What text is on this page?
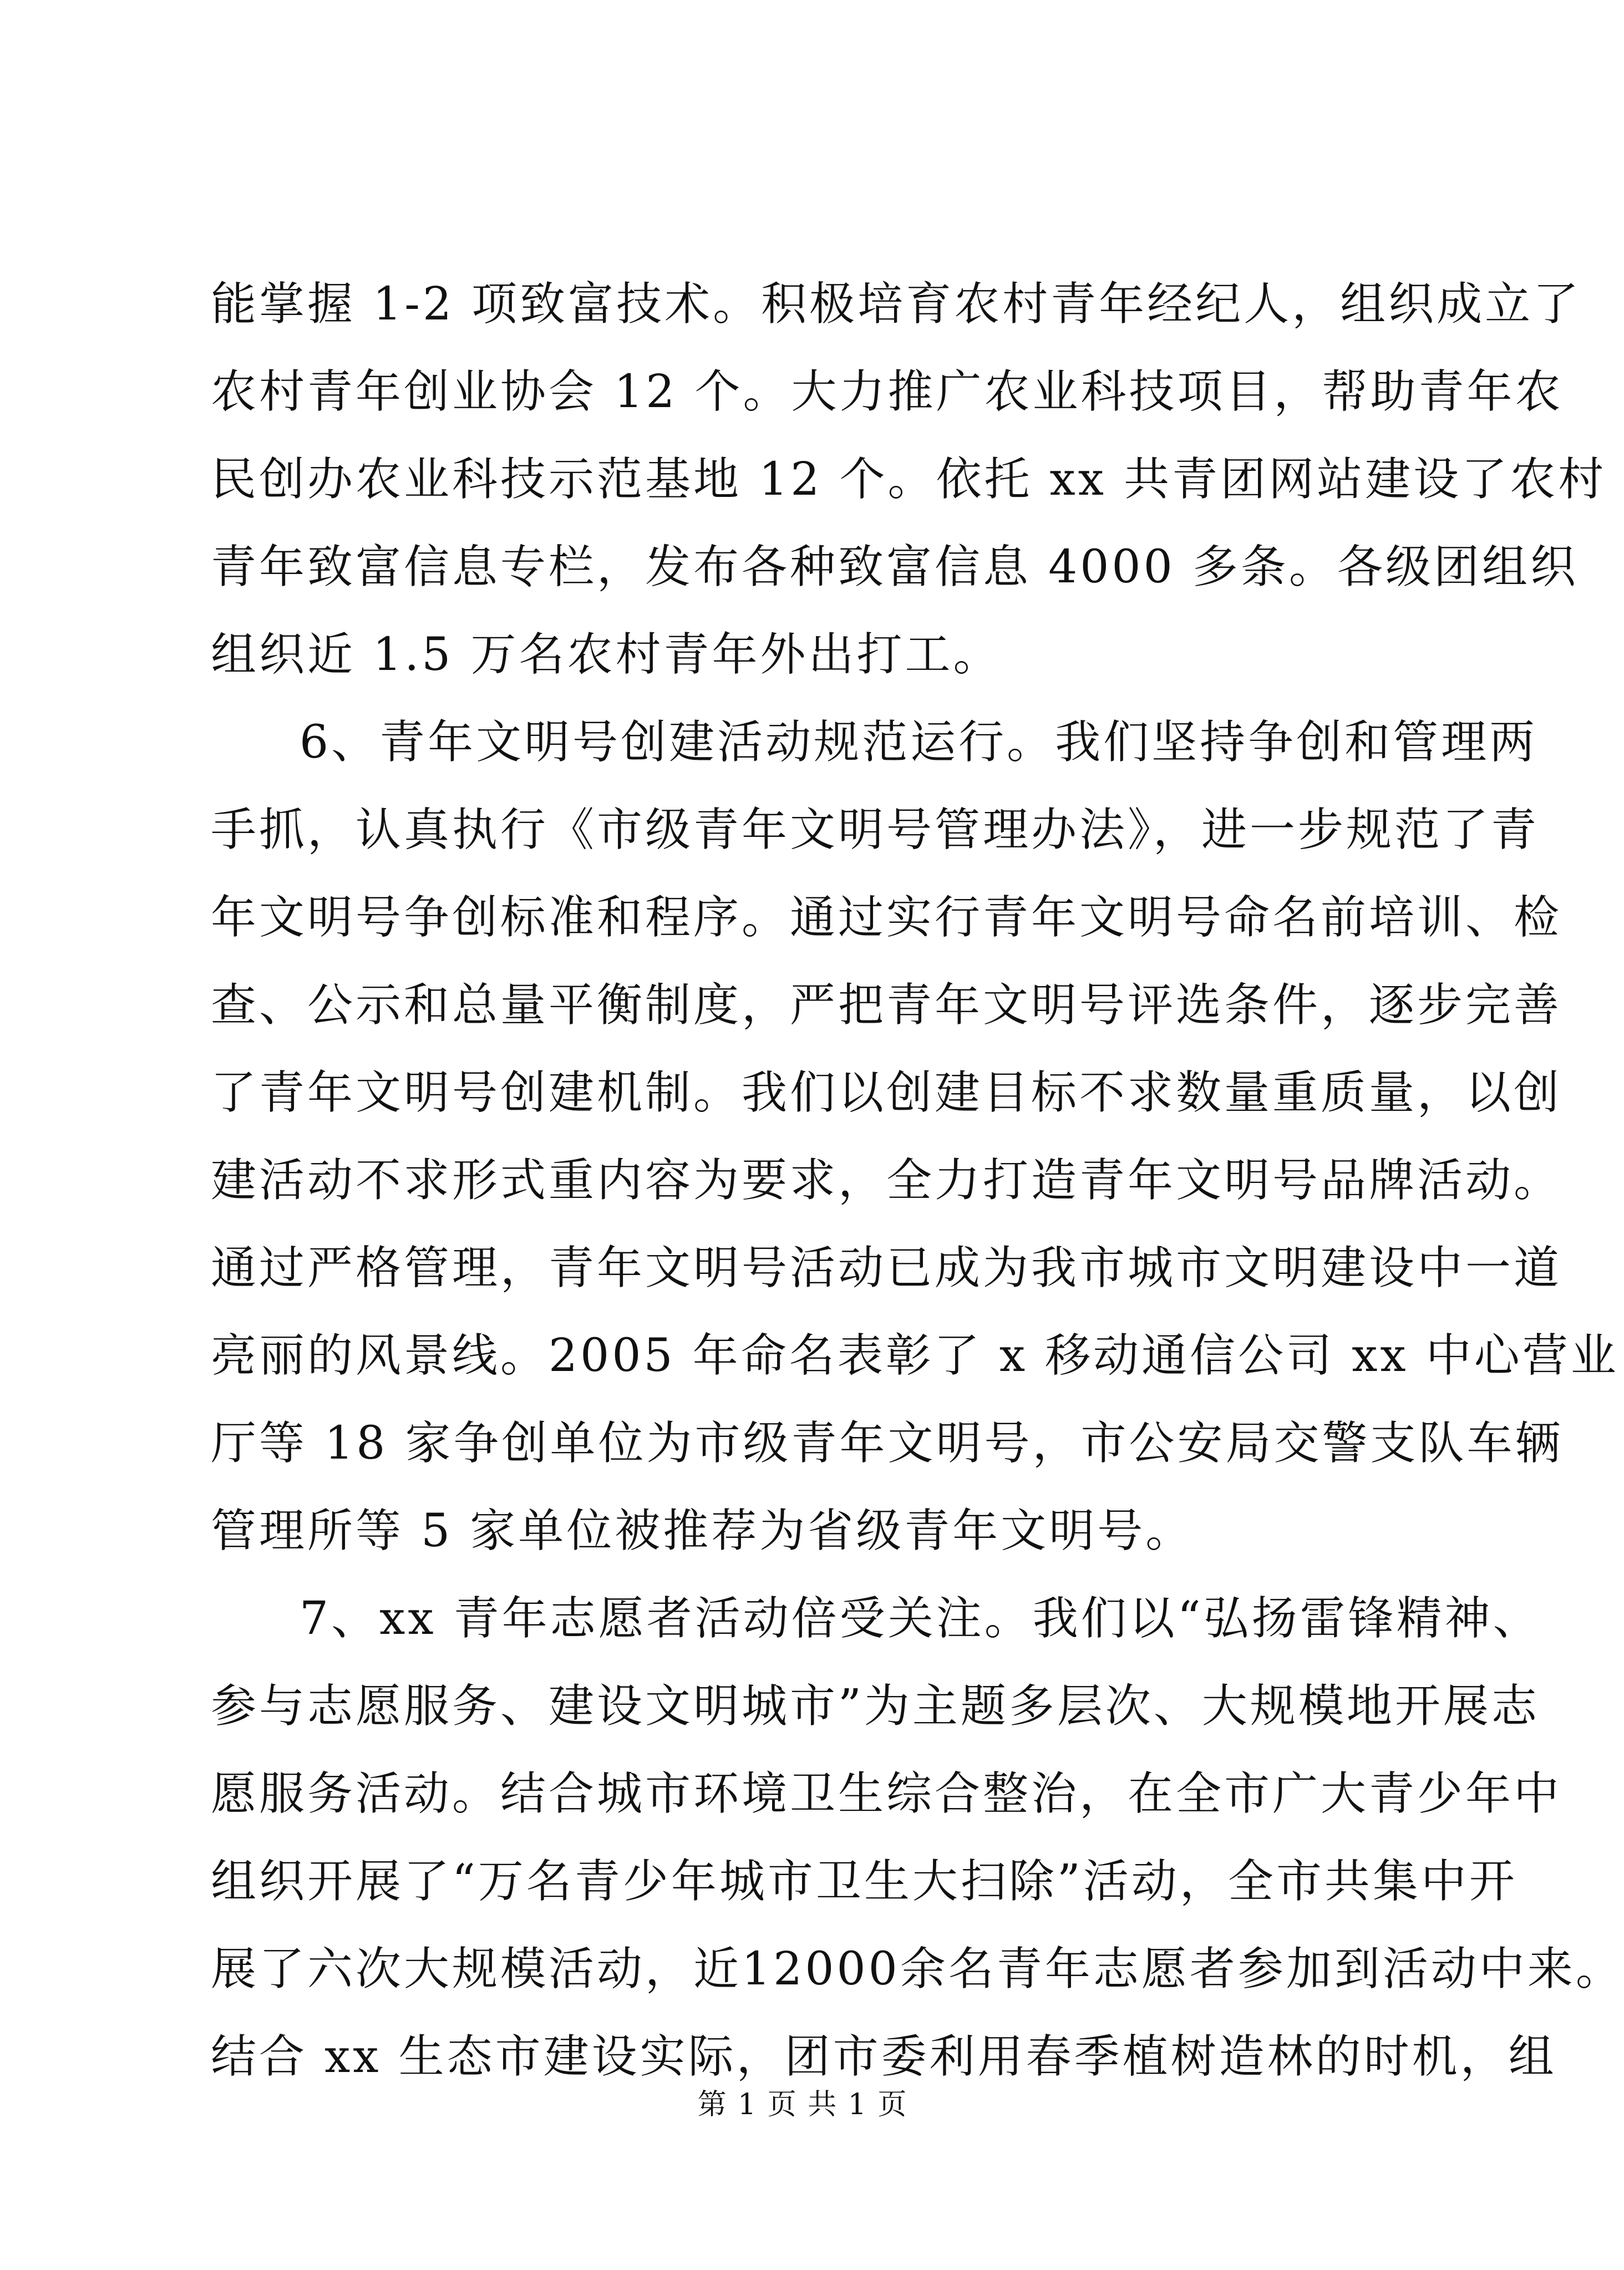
能掌握 1-2 项致富技术。积极培育农村青年经纪人，组织成立了
农村青年创业协会 12 个。大力推广农业科技项目，帮助青年农
民创办农业科技示范基地 12 个。依托 xx 共青团网站建设了农村
青年致富信息专栏，发布各种致富信息 4000 多条。各级团组织
组织近 1.5 万名农村青年外出打工。
6、青年文明号创建活动规范运行。我们坚持争创和管理两
手抓，认真执行《市级青年文明号管理办法》，进一步规范了青
年文明号争创标准和程序。通过实行青年文明号命名前培训、检
查、公示和总量平衡制度，严把青年文明号评选条件，逐步完善
了青年文明号创建机制。我们以创建目标不求数量重质量，以创
建活动不求形式重内容为要求，全力打造青年文明号品牌活动。
通过严格管理，青年文明号活动已成为我市城市文明建设中一道
亮丽的风景线。2005 年命名表彰了 x 移动通信公司 xx 中心营业
厅等 18 家争创单位为市级青年文明号，市公安局交警支队车辆
管理所等 5 家单位被推荐为省级青年文明号。
7、xx 青年志愿者活动倍受关注。我们以“弘扬雷锋精神、
参与志愿服务、建设文明城市”为主题多层次、大规模地开展志
愿服务活动。结合城市环境卫生综合整治，在全市广大青少年中
组织开展了“万名青少年城市卫生大扫除”活动，全市共集中开
展了六次大规模活动，近12000余名青年志愿者参加到活动中来。
结合 xx 生态市建设实际，团市委利用春季植树造林的时机，组
第 1 页 共 1 页
